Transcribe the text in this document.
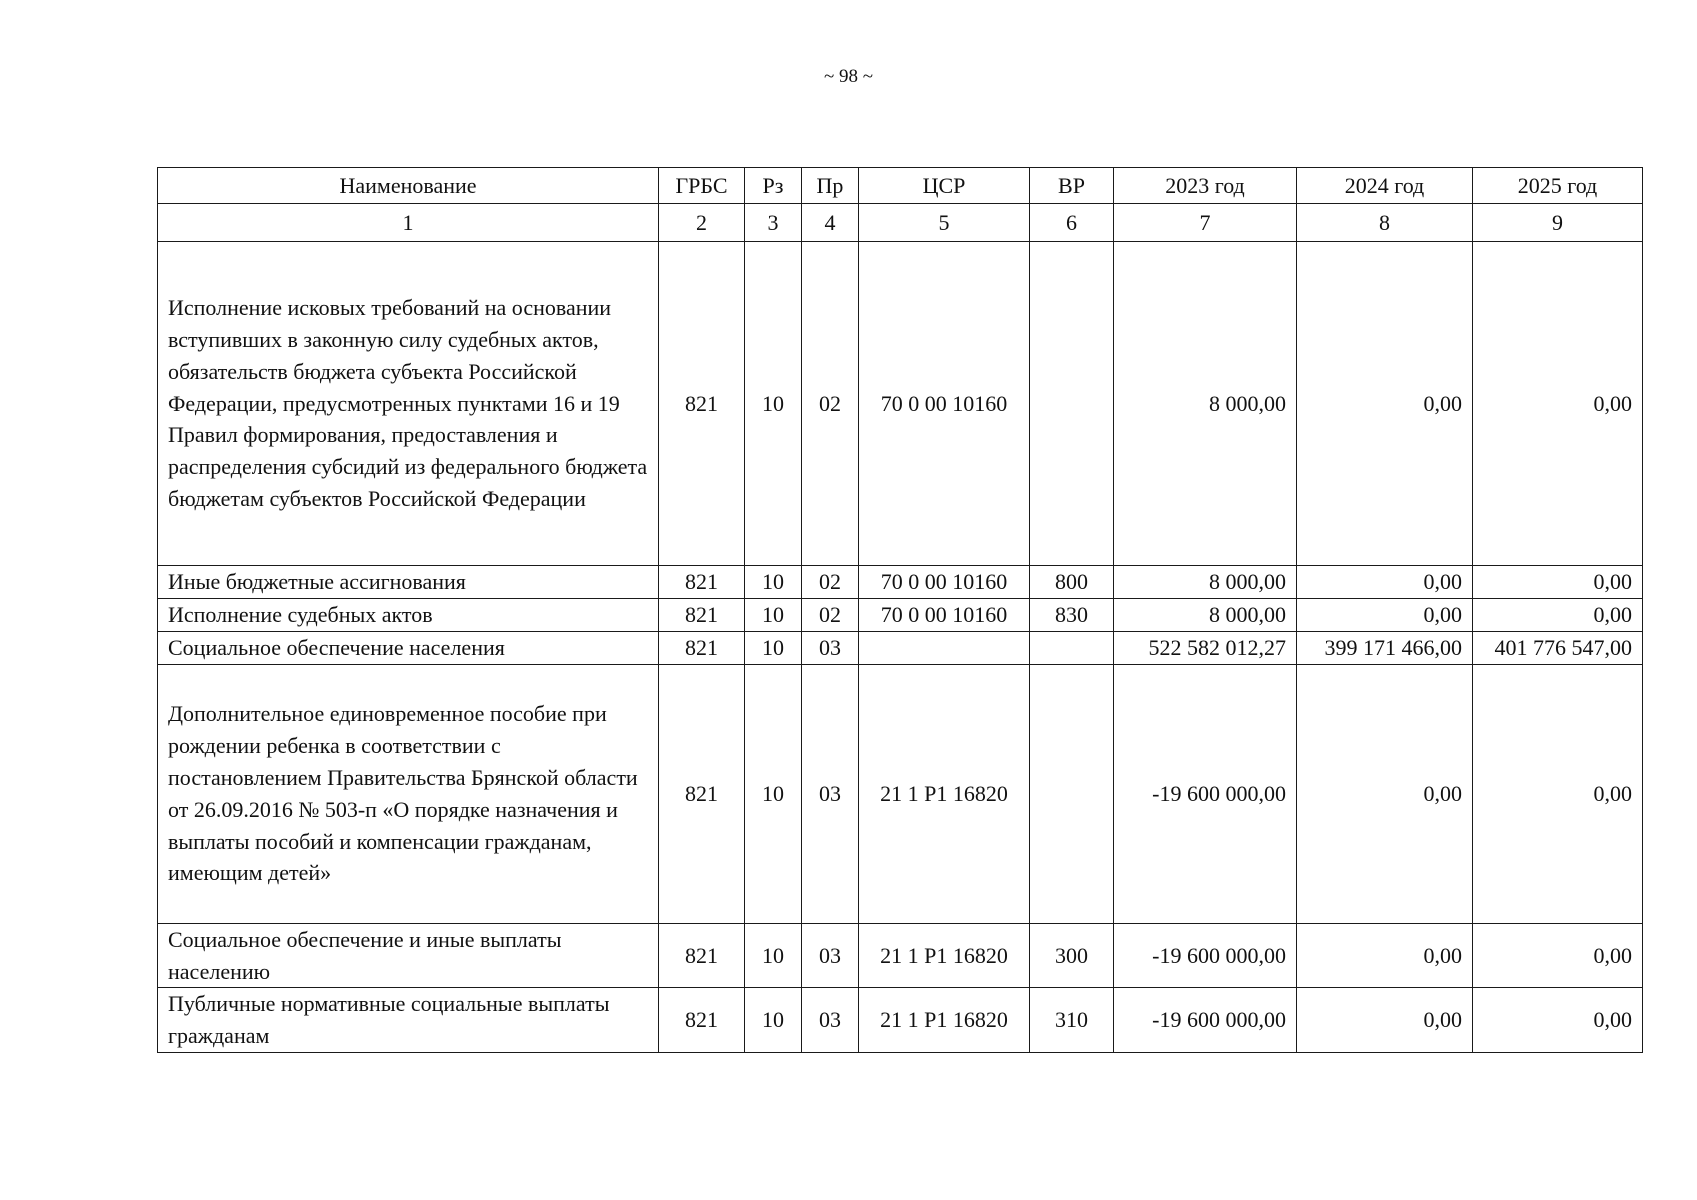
~ 98 ~
Наименование	ГРБС	Рз	Пр	ЦСР	ВР	2023 год	2024 год	2025 год
1	2	3	4	5	6	7	8	9
Исполнение исковых требований на основании вступивших в законную силу судебных актов, обязательств бюджета субъекта Российской Федерации, предусмотренных пунктами 16 и 19 Правил формирования, предоставления и распределения субсидий из федерального бюджета бюджетам субъектов Российской Федерации	821	10	02	70 0 00 10160		8 000,00	0,00	0,00
Иные бюджетные ассигнования	821	10	02	70 0 00 10160	800	8 000,00	0,00	0,00
Исполнение судебных актов	821	10	02	70 0 00 10160	830	8 000,00	0,00	0,00
Социальное обеспечение населения	821	10	03			522 582 012,27	399 171 466,00	401 776 547,00
Дополнительное единовременное пособие при рождении ребенка в соответствии с постановлением Правительства Брянской области от 26.09.2016 № 503-п «О порядке назначения и выплаты пособий и компенсации гражданам, имеющим детей»	821	10	03	21 1 P1 16820		-19 600 000,00	0,00	0,00
Социальное обеспечение и иные выплаты населению	821	10	03	21 1 P1 16820	300	-19 600 000,00	0,00	0,00
Публичные нормативные социальные выплаты гражданам	821	10	03	21 1 P1 16820	310	-19 600 000,00	0,00	0,00
